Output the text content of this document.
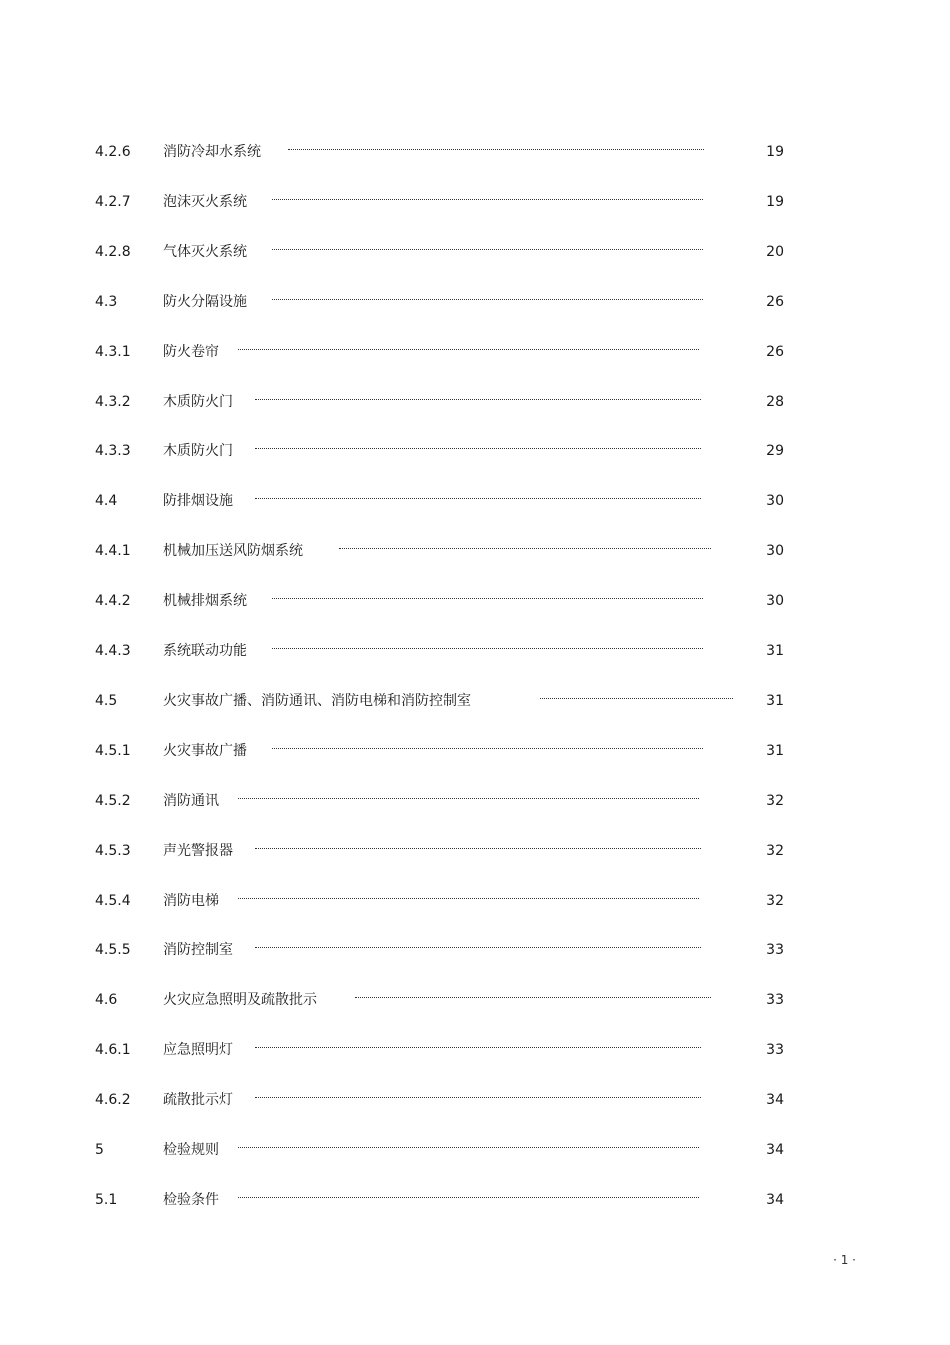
4.2.6 消防冷却水系统	19
4.2.7 泡沫灭火系统	19
4.2.8 气体灭火系统	20
4.3	防火分隔设施	26
4.3.1 防火卷帘	26
4.3.2 木质防火门	28
4.3.3 木质防火门	29
4.4	防排烟设施	30
4.4.1 机械加压送风防烟系统	30
4.4.2 机械排烟系统	30
4.4.3 系统联动功能	31
4.5	火灾事故广播、消防通讯、消防电梯和消防控制室	31
4.5.1 火灾事故广播	31
4.5.2 消防通讯	32
4.5.3 声光警报器	32
4.5.4 消防电梯	32
4.5.5 消防控制室	33
4.6	火灾应急照明及疏散批示	33
4.6.1 应急照明灯	33
4.6.2 疏散批示灯	34
5	检验规则	34
5.1	检验条件	34
· 1 ·
